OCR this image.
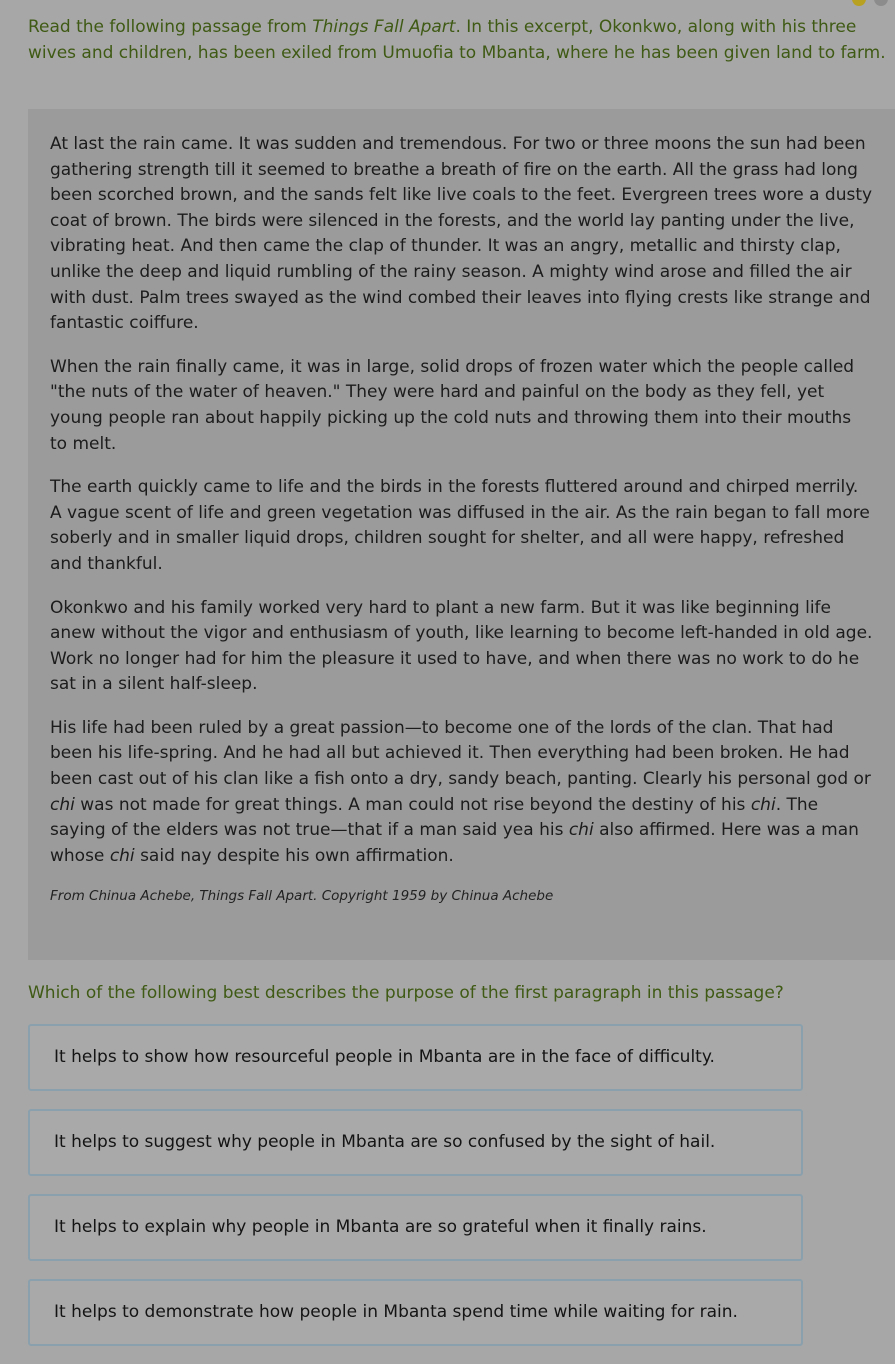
Read the following passage from Things Fall Apart. In this excerpt, Okonkwo, along with his three wives and children, has been exiled from Umuofia to Mbanta, where he has been given land to farm.

At last the rain came. It was sudden and tremendous. For two or three moons the sun had been gathering strength till it seemed to breathe a breath of fire on the earth. All the grass had long been scorched brown, and the sands felt like live coals to the feet. Evergreen trees wore a dusty coat of brown. The birds were silenced in the forests, and the world lay panting under the live, vibrating heat. And then came the clap of thunder. It was an angry, metallic and thirsty clap, unlike the deep and liquid rumbling of the rainy season. A mighty wind arose and filled the air with dust. Palm trees swayed as the wind combed their leaves into flying crests like strange and fantastic coiffure.

When the rain finally came, it was in large, solid drops of frozen water which the people called "the nuts of the water of heaven." They were hard and painful on the body as they fell, yet young people ran about happily picking up the cold nuts and throwing them into their mouths to melt.

The earth quickly came to life and the birds in the forests fluttered around and chirped merrily. A vague scent of life and green vegetation was diffused in the air. As the rain began to fall more soberly and in smaller liquid drops, children sought for shelter, and all were happy, refreshed and thankful.

Okonkwo and his family worked very hard to plant a new farm. But it was like beginning life anew without the vigor and enthusiasm of youth, like learning to become left-handed in old age. Work no longer had for him the pleasure it used to have, and when there was no work to do he sat in a silent half-sleep.

His life had been ruled by a great passion—to become one of the lords of the clan. That had been his life-spring. And he had all but achieved it. Then everything had been broken. He had been cast out of his clan like a fish onto a dry, sandy beach, panting. Clearly his personal god or chi was not made for great things. A man could not rise beyond the destiny of his chi. The saying of the elders was not true—that if a man said yea his chi also affirmed. Here was a man whose chi said nay despite his own affirmation.

From Chinua Achebe, Things Fall Apart. Copyright 1959 by Chinua Achebe

Which of the following best describes the purpose of the first paragraph in this passage?

It helps to show how resourceful people in Mbanta are in the face of difficulty.
It helps to suggest why people in Mbanta are so confused by the sight of hail.
It helps to explain why people in Mbanta are so grateful when it finally rains.
It helps to demonstrate how people in Mbanta spend time while waiting for rain.
